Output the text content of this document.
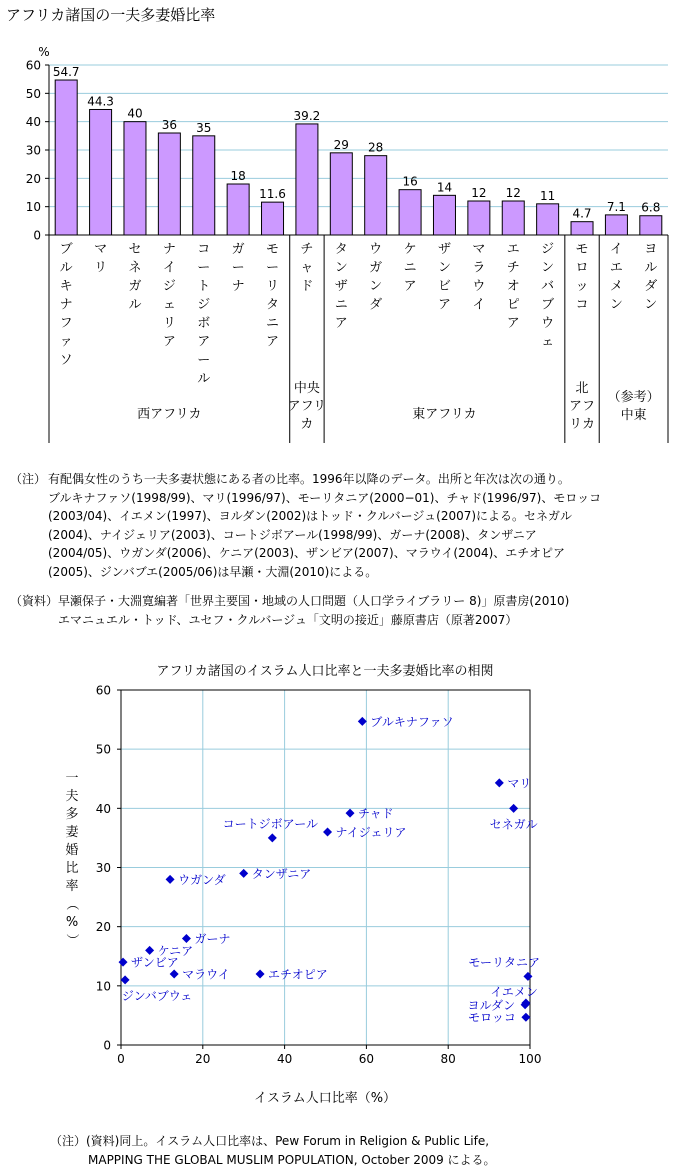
アフリカ諸国の一夫多妻婚比率
%
0
10
20
30
40
50
60 54.7
ブ
ル
キ
ナ
フ
ァ
ソ
44.3
マ
リ
40
セ
ネ
ガ
ル
36
ナ
イ
ジ
ェ
リ
ア
35
コ
ー
ト
ジ
ボ
ア
ー
ル
18
ガ
ー
ナ
11.6
モ
ー
リ
タ
ニ
ア
39.2
チ
ャ
ド
29
タ
ン
ザ
ニ
ア
28
ウ
ガ
ン
ダ
16
ケ
ニ
ア
14
ザ
ン
ビ
ア
12
マ
ラ
ウ
イ
12
エ
チ
オ
ピ
ア
11
ジ
ン
バ
ブ
ウ
ェ
4.7
モ
ロ
ッ
コ
7.1
イ
エ
メ
ン
6.8
ヨ
ル
ダ
ン
西アフリカ
中央
アフリ
カ
東アフリカ
北
アフ
リカ
（参考）
中東
（注） 有配偶女性のうち一夫多妻状態にある者の比率。1996年以降のデータ。出所と年次は次の通り。
ブルキナファソ(1998/99)、マリ(1996/97)、モーリタニア(2000−01)、チャド(1996/97)、モロッコ
(2003/04)、イエメン(1997)、ヨルダン(2002)はトッド・クルバージュ(2007)による。セネガル
(2004)、ナイジェリア(2003)、コートジボアール(1998/99)、ガーナ(2008)、タンザニア
(2004/05)、ウガンダ(2006)、ケニア(2003)、ザンビア(2007)、マラウイ(2004)、エチオピア
(2005)、ジンバブエ(2005/06)は早瀬・大淵(2010)による。
（資料） 早瀬保子・大淵寛編著「世界主要国・地域の人口問題（人口学ライブラリー 8)」原書房(2010)
エマニュエル・トッド、ユセフ・クルバージュ「文明の接近」藤原書店（原著2007）
アフリカ諸国のイスラム人口比率と一夫多妻婚比率の相関
0	20	40	60	80	100
0
10
20
30
40
50
60
イスラム人口比率（%）
一
夫
多
妻
婚
比
率
（
%
）
ブルキナファソ
マリ
セネガル
チャド
ナイジェリア
コートジボアール
タンザニア
ウガンダ
ガーナ
ケニア
ザンビア
マラウイ	エチオピア
ジンバブウェ
モーリタニア
イエメン
ヨルダン
モロッコ
（注）(資料)同上。イスラム人口比率は、Pew Forum in Religion & Public Life,
MAPPING THE GLOBAL MUSLIM POPULATION, October 2009 による。
